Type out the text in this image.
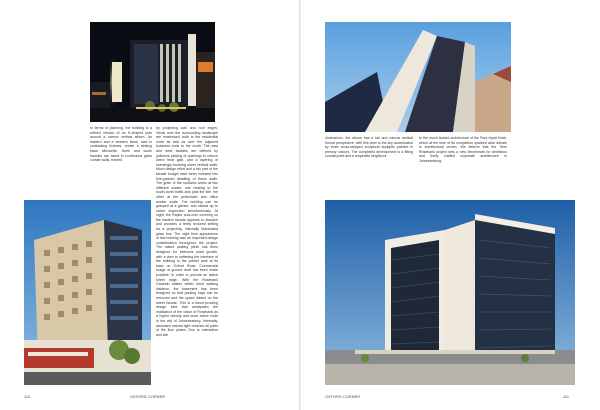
In terms of planning, the building is a refined version of an H-shaped plan around a narrow vertical atrium. An eastern and a western block, clad in contrasting finishes, create a striking basic silhouette. North and south facades are faced in continuous glass curtain walls, framed

by projecting wall and roof edges. Views over the surrounding landscape are maximised, both to the residential north as well as over the adjacent business node to the south. The east and west facades are defined by judicious placing of openings to reduce direct heat gain, and a layering of seemingly hovering sheer vertical walls. Much design effort and a fair part of the facade budget have been invested into fine-grained detailing of these walls. The grain of the surfaces works at two different scales: one relating to the south-north traffic axis past the site, the other at the pedestrian and office worker scale. The building can be grasped at a glance, and stands up to closer inspection simultaneously. At night, the Rapier cuts-over covering on the eastern facade appears to dissolve and provides a finely textured setting for a projecting, internally illuminated glass box. The night time appearance of this building was an important design consideration throughout the project. The raised parking plinth has been designed for intensive plant growth, with a view to softening the interface of the building to the pocket park at its base on Oxford Road. Commercial usage at ground level has been made possible, in order to provide an active street edge. With the Rosebank Gautrain station within short walking distance, the basement has been designed so that parking bays can be removed and the space added on the street facade. This is a future-proofing design idea that anticipates the realisation of the vision of Rosebank as a higher density and more active node in the city of Johannesburg. Internally, abundant natural light reaches all parts of the floor plates. Due to orientation and site

110	OXFORD CORNER

dimensions, the atrium has a tall and narrow vertical format perspective, with this view to the sky accentuated by three cross-stepped sculptural skylights painted in primary colours. The completed development is a fitting counterpoint and a respectful neighbour

to the much lauded architecture of the Park Hyatt Hotel, which at the time of its completion sparked wide debate in architectural circles. We believe that the Tiber Rosebank project sets a new benchmark for ambitious and finely crafted corporate architecture in Johannesburg.

OXFORD CORNER	111
